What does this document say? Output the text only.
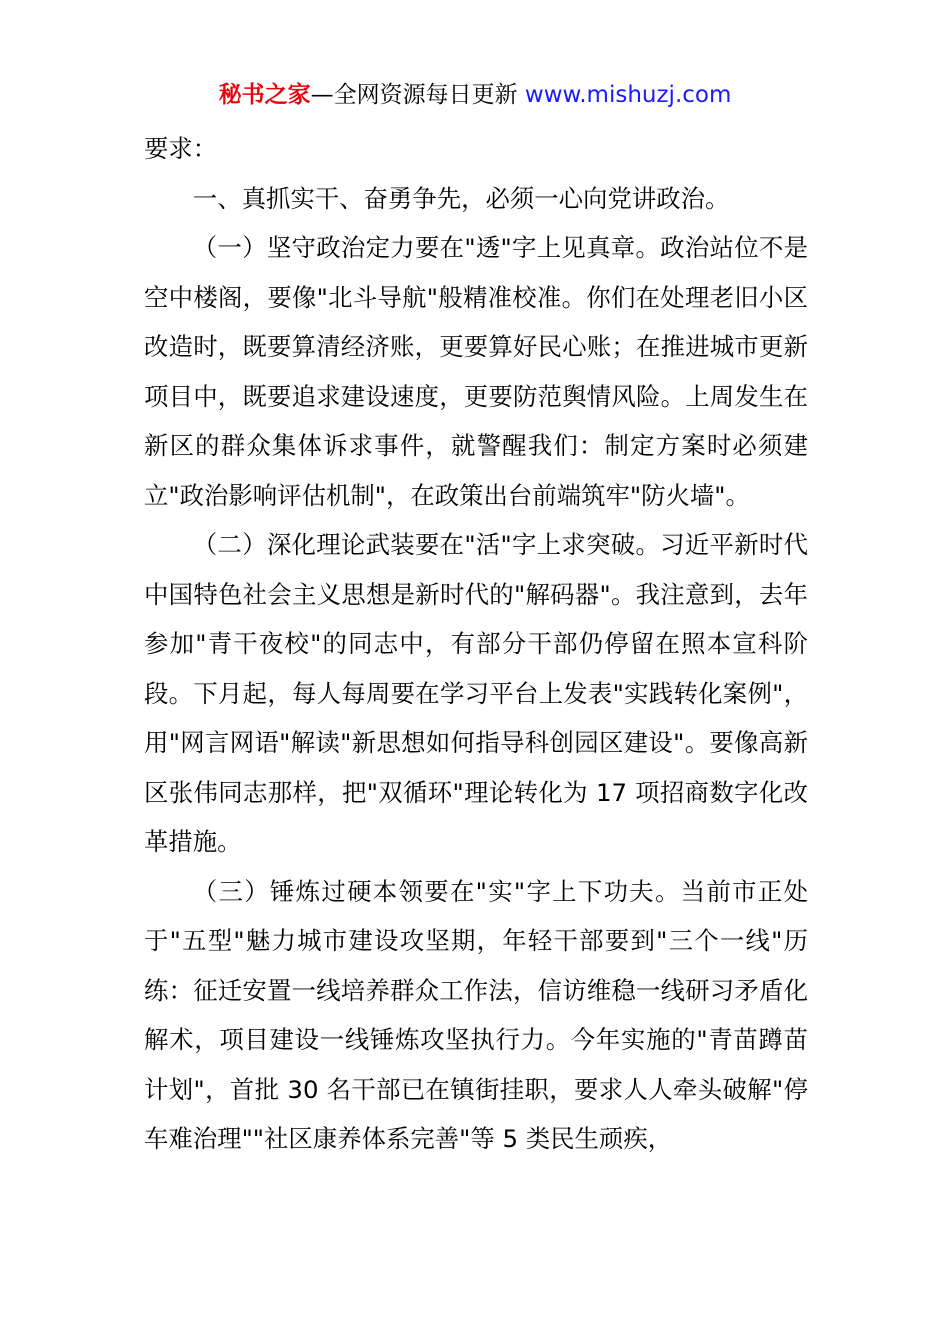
秘书之家—全网资源每日更新 www.mishuzj.com

要求：

一、真抓实干、奋勇争先，必须一心向党讲政治。

（一）坚守政治定力要在"透"字上见真章。政治站位不是空中楼阁，要像"北斗导航"般精准校准。你们在处理老旧小区改造时，既要算清经济账，更要算好民心账；在推进城市更新项目中，既要追求建设速度，更要防范舆情风险。上周发生在新区的群众集体诉求事件，就警醒我们：制定方案时必须建立"政治影响评估机制"，在政策出台前端筑牢"防火墙"。

（二）深化理论武装要在"活"字上求突破。习近平新时代中国特色社会主义思想是新时代的"解码器"。我注意到，去年参加"青干夜校"的同志中，有部分干部仍停留在照本宣科阶段。下月起，每人每周要在学习平台上发表"实践转化案例"，用"网言网语"解读"新思想如何指导科创园区建设"。要像高新区张伟同志那样，把"双循环"理论转化为 17 项招商数字化改革措施。

（三）锤炼过硬本领要在"实"字上下功夫。当前市正处于"五型"魅力城市建设攻坚期，年轻干部要到"三个一线"历练：征迁安置一线培养群众工作法，信访维稳一线研习矛盾化解术，项目建设一线锤炼攻坚执行力。今年实施的"青苗蹲苗计划"，首批 30 名干部已在镇街挂职，要求人人牵头破解"停车难治理""社区康养体系完善"等 5 类民生顽疾，
